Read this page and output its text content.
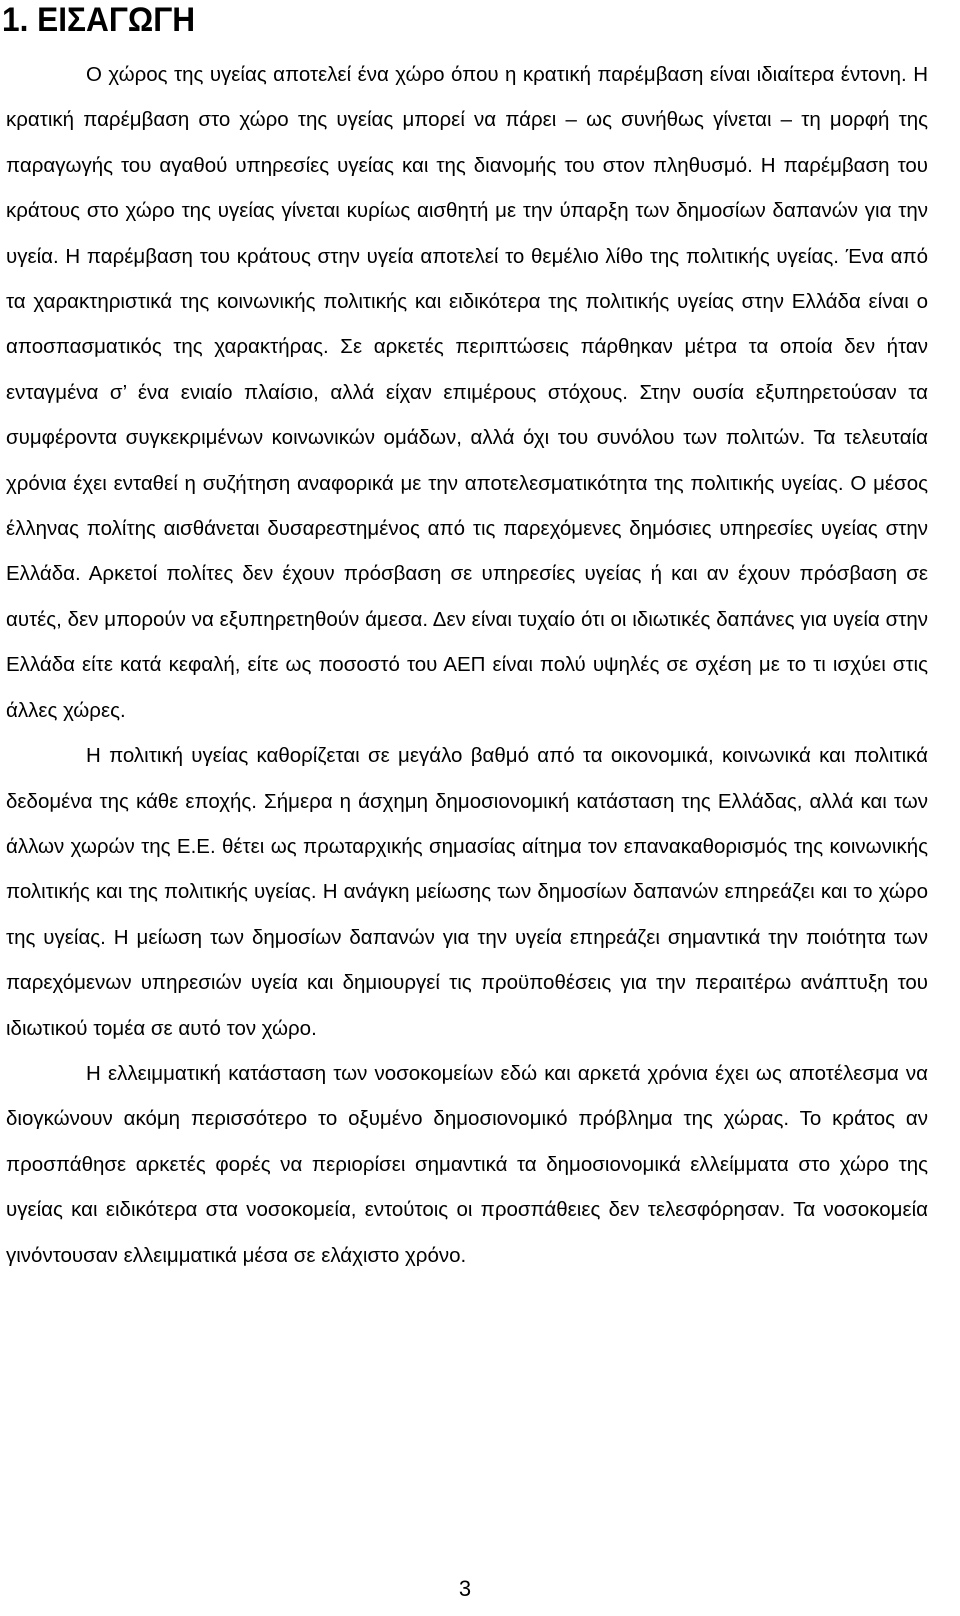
1. ΕΙΣΑΓΩΓΗ

Ο χώρος της υγείας αποτελεί ένα χώρο όπου η κρατική παρέμβαση είναι ιδιαίτερα έντονη. Η κρατική παρέμβαση στο χώρο της υγείας μπορεί να πάρει – ως συνήθως γίνεται – τη μορφή της παραγωγής του αγαθού υπηρεσίες υγείας και της διανομής του στον πληθυσμό. Η παρέμβαση του κράτους στο χώρο της υγείας γίνεται κυρίως αισθητή με την ύπαρξη των δημοσίων δαπανών για την υγεία. Η παρέμβαση του κράτους στην υγεία αποτελεί το θεμέλιο λίθο της πολιτικής υγείας. Ένα από τα χαρακτηριστικά της κοινωνικής πολιτικής και ειδικότερα της πολιτικής υγείας στην Ελλάδα είναι ο αποσπασματικός της χαρακτήρας. Σε αρκετές περιπτώσεις πάρθηκαν μέτρα τα οποία δεν ήταν ενταγμένα σ’ ένα ενιαίο πλαίσιο, αλλά είχαν επιμέρους στόχους. Στην ουσία εξυπηρετούσαν τα συμφέροντα συγκεκριμένων κοινωνικών ομάδων, αλλά όχι του συνόλου των πολιτών. Τα τελευταία χρόνια έχει ενταθεί η συζήτηση αναφορικά με την αποτελεσματικότητα της πολιτικής υγείας. Ο μέσος έλληνας πολίτης αισθάνεται δυσαρεστημένος από τις παρεχόμενες δημόσιες υπηρεσίες υγείας στην Ελλάδα. Αρκετοί πολίτες δεν έχουν πρόσβαση σε υπηρεσίες υγείας ή και αν έχουν πρόσβαση σε αυτές, δεν μπορούν να εξυπηρετηθούν άμεσα. Δεν είναι τυχαίο ότι οι ιδιωτικές δαπάνες για υγεία στην Ελλάδα είτε κατά κεφαλή, είτε ως ποσοστό του ΑΕΠ είναι πολύ υψηλές σε σχέση με το τι ισχύει στις άλλες χώρες.

Η πολιτική υγείας καθορίζεται σε μεγάλο βαθμό από τα οικονομικά, κοινωνικά και πολιτικά δεδομένα της κάθε εποχής. Σήμερα η άσχημη δημοσιονομική κατάσταση της Ελλάδας, αλλά και των άλλων χωρών της Ε.Ε. θέτει ως πρωταρχικής σημασίας αίτημα τον επανακαθορισμός της κοινωνικής πολιτικής και της πολιτικής υγείας. Η ανάγκη μείωσης των δημοσίων δαπανών επηρεάζει και το χώρο της υγείας. Η μείωση των δημοσίων δαπανών για την υγεία επηρεάζει σημαντικά την ποιότητα των παρεχόμενων υπηρεσιών υγεία και δημιουργεί τις προϋποθέσεις για την περαιτέρω ανάπτυξη του ιδιωτικού τομέα σε αυτό τον χώρο.

Η ελλειμματική κατάσταση των νοσοκομείων εδώ και αρκετά χρόνια έχει ως αποτέλεσμα να διογκώνουν ακόμη περισσότερο το οξυμένο δημοσιονομικό πρόβλημα της χώρας. Το κράτος αν προσπάθησε αρκετές φορές να περιορίσει σημαντικά τα δημοσιονομικά ελλείμματα στο χώρο της υγείας και ειδικότερα στα νοσοκομεία, εντούτοις οι προσπάθειες δεν τελεσφόρησαν. Τα νοσοκομεία γινόντουσαν ελλειμματικά μέσα σε ελάχιστο χρόνο.

3
